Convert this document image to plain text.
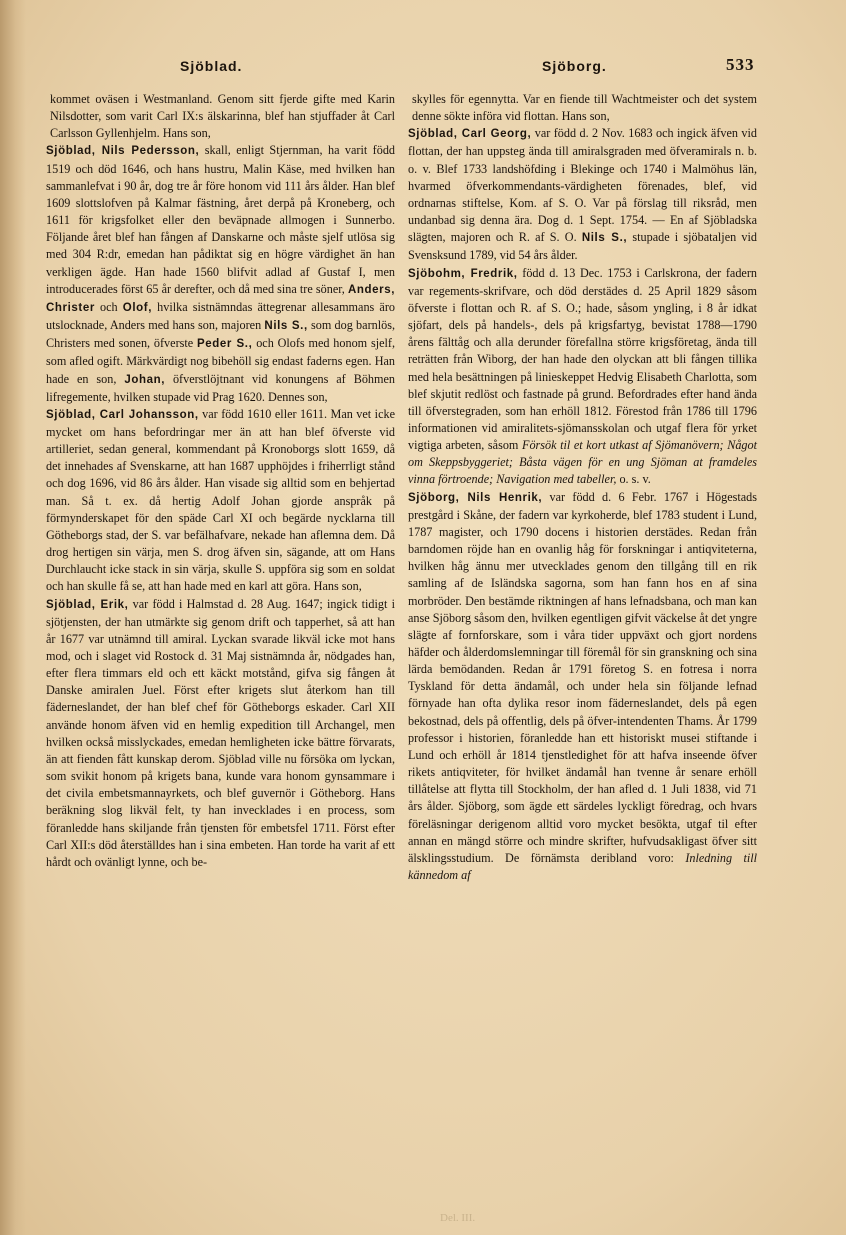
Sjöblad.	Sjöborg.	533

kommet oväsen i Westmanland. Genom sitt fjerde gifte med Karin Nilsdotter, som varit Carl IX:s älskarinna, blef han stjuffader åt Carl Carlsson Gyllenhjelm. Hans son,

Sjöblad, Nils Pedersson, skall, enligt Stjernman, ha varit född 1519 och död 1646, och hans hustru, Malin Käse, med hvilken han sammanlefvat i 90 år, dog tre år före honom vid 111 års ålder. Han blef 1609 slottslofven på Kalmar fästning, året derpå på Kroneberg, och 1611 för krigsfolket eller den beväpnade allmogen i Sunnerbo. Följande året blef han fången af Danskarne och måste sjelf utlösa sig med 304 R:dr, emedan han pådiktat sig en högre värdighet än han verkligen ägde. Han hade 1560 blifvit adlad af Gustaf I, men introducerades först 65 år derefter, och då med sina tre söner, Anders, Christer och Olof, hvilka sistnämndas ättegrenar allesammans äro utslocknade, Anders med hans son, majoren Nils S., som dog barnlös, Christers med sonen, öfverste Peder S., och Olofs med honom sjelf, som afled ogift. Märkvärdigt nog bibehöll sig endast faderns egen. Han hade en son, Johan, öfverstlöjtnant vid konungens af Böhmen lifregemente, hvilken stupade vid Prag 1620. Dennes son,

Sjöblad, Carl Johansson, var född 1610 eller 1611. Man vet icke mycket om hans befordringar mer än att han blef öfverste vid artilleriet, sedan general, kommendant på Kronoborgs slott 1659, då det innehades af Svenskarne, att han 1687 upphöjdes i friherrligt stånd och dog 1696, vid 86 års ålder. Han visade sig alltid som en behjertad man. Så t. ex. då hertig Adolf Johan gjorde anspråk på förmynderskapet för den späde Carl XI och begärde nycklarna till Götheborgs stad, der S. var befälhafvare, nekade han aflemna dem. Då drog hertigen sin värja, men S. drog äfven sin, sägande, att om Hans Durchlaucht icke stack in sin värja, skulle S. uppföra sig som en soldat och han skulle få se, att han hade med en karl att göra. Hans son,

Sjöblad, Erik, var född i Halmstad d. 28 Aug. 1647; ingick tidigt i sjötjensten, der han utmärkte sig genom drift och tapperhet, så att han år 1677 var utnämnd till amiral. Lyckan svarade likväl icke mot hans mod, och i slaget vid Rostock d. 31 Maj sistnämnda år, nödgades han, efter flera timmars eld och ett käckt motstånd, gifva sig fången åt Danske amiralen Juel. Först efter krigets slut återkom han till fäderneslandet, der han blef chef för Götheborgs eskader. Carl XII använde honom äfven vid en hemlig expedition till Archangel, men hvilken också misslyckades, emedan hemligheten icke bättre förvarats, än att fienden fått kunskap derom. Sjöblad ville nu försöka om lyckan, som svikit honom på krigets bana, kunde vara honom gynsammare i det civila embetsmannayrkets, och blef guvernör i Götheborg. Hans beräkning slog likväl felt, ty han invecklades i en process, som föranledde hans skiljande från tjensten för embetsfel 1711. Först efter Carl XII:s död återställdes han i sina embeten. Han torde ha varit af ett hårdt och ovänligt lynne, och be-

skylles för egennytta. Var en fiende till Wachtmeister och det system denne sökte införa vid flottan. Hans son,

Sjöblad, Carl Georg, var född d. 2 Nov. 1683 och ingick äfven vid flottan, der han uppsteg ända till amiralsgraden med öfveramirals n. b. o. v. Blef 1733 landshöfding i Blekinge och 1740 i Malmöhus län, hvarmed öfverkommendants-värdigheten förenades, blef, vid ordnarnas stiftelse, Kom. af S. O. Var på förslag till riksråd, men undanbad sig denna ära. Dog d. 1 Sept. 1754. — En af Sjöbladska slägten, majoren och R. af S. O. Nils S., stupade i sjöbataljen vid Svensksund 1789, vid 54 års ålder.

Sjöbohm, Fredrik, född d. 13 Dec. 1753 i Carlskrona, der fadern var regements-skrifvare, och död derstädes d. 25 April 1829 såsom öfverste i flottan och R. af S. O.; hade, såsom yngling, i 8 år idkat sjöfart, dels på handels-, dels på krigsfartyg, bevistat 1788—1790 årens fälttåg och alla derunder förefallna större krigsföretag, ända till reträtten från Wiborg, der han hade den olyckan att bli fången tillika med hela besättningen på linieskeppet Hedvig Elisabeth Charlotta, som blef skjutit redlöst och fastnade på grund. Befordrades efter hand ända till öfverstegraden, som han erhöll 1812. Förestod från 1786 till 1796 informationen vid amiralitets-sjömansskolan och utgaf flera för yrket vigtiga arbeten, såsom Försök til et kort utkast af Sjömanövern; Något om Skeppsbyggeriet; Båsta vägen för en ung Sjöman at framdeles vinna förtroende; Navigation med tabeller, o. s. v.

Sjöborg, Nils Henrik, var född d. 6 Febr. 1767 i Högestads prestgård i Skåne, der fadern var kyrkoherde, blef 1783 student i Lund, 1787 magister, och 1790 docens i historien derstädes. Redan från barndomen röjde han en ovanlig håg för forskningar i antiqviteterna, hvilken håg ännu mer utvecklades genom den tillgång till en rik samling af de Isländska sagorna, som han fann hos en af sina morbröder. Den bestämde riktningen af hans lefnadsbana, och man kan anse Sjöborg såsom den, hvilken egentligen gifvit väckelse åt det yngre slägte af fornforskare, som i våra tider uppväxt och gjort nordens häfder och ålderdomslemningar till föremål för sin granskning och sina lärda bemödanden. Redan år 1791 företog S. en fotresa i norra Tyskland för detta ändamål, och under hela sin följande lefnad förnyade han ofta dylika resor inom fäderneslandet, dels på egen bekostnad, dels på offentlig, dels på öfver-intendenten Thams. År 1799 professor i historien, föranledde han ett historiskt musei stiftande i Lund och erhöll år 1814 tjenstledighet för att hafva inseende öfver rikets antiqviteter, för hvilket ändamål han tvenne år senare erhöll tillåtelse att flytta till Stockholm, der han afled d. 1 Juli 1838, vid 71 års ålder. Sjöborg, som ägde ett särdeles lyckligt föredrag, och hvars föreläsningar derigenom alltid voro mycket besökta, utgaf til efter annan en mängd större och mindre skrifter, hufvudsakligast öfver sitt älsklingsstudium. De förnämsta deribland voro: Inledning till kännedom af

Del. III.
